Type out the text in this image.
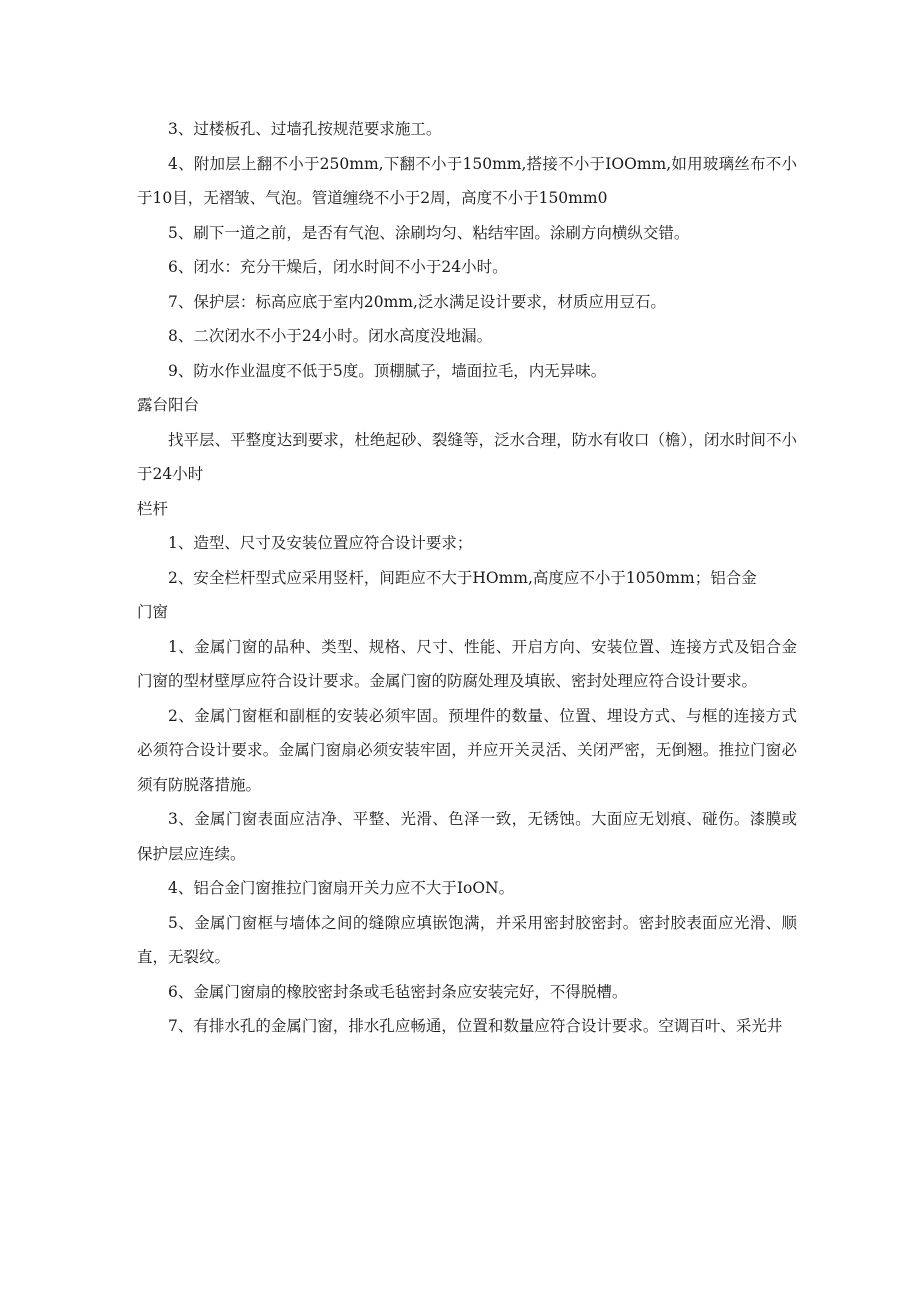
3、过楼板孔、过墙孔按规范要求施工。

4、附加层上翻不小于250mm,下翻不小于150mm,搭接不小于IOOmm,如用玻璃丝布不小于10目，无褶皱、气泡。管道缠绕不小于2周，高度不小于150mm0

5、刷下一道之前，是否有气泡、涂刷均匀、粘结牢固。涂刷方向横纵交错。

6、闭水：充分干燥后，闭水时间不小于24小时。

7、保护层：标高应底于室内20mm,泛水满足设计要求，材质应用豆石。

8、二次闭水不小于24小时。闭水高度没地漏。

9、防水作业温度不低于5度。顶棚腻子，墙面拉毛，内无异味。

露台阳台

找平层、平整度达到要求，杜绝起砂、裂缝等，泛水合理，防水有收口（檐），闭水时间不小于24小时

栏杆

1、造型、尺寸及安装位置应符合设计要求；

2、安全栏杆型式应采用竖杆，间距应不大于HOmm,高度应不小于1050mm；铝合金

门窗

1、金属门窗的品种、类型、规格、尺寸、性能、开启方向、安装位置、连接方式及铝合金门窗的型材壁厚应符合设计要求。金属门窗的防腐处理及填嵌、密封处理应符合设计要求。

2、金属门窗框和副框的安装必须牢固。预埋件的数量、位置、埋设方式、与框的连接方式必须符合设计要求。金属门窗扇必须安装牢固，并应开关灵活、关闭严密，无倒翘。推拉门窗必须有防脱落措施。

3、金属门窗表面应洁净、平整、光滑、色泽一致，无锈蚀。大面应无划痕、碰伤。漆膜或保护层应连续。

4、铝合金门窗推拉门窗扇开关力应不大于IoON。

5、金属门窗框与墙体之间的缝隙应填嵌饱满，并采用密封胶密封。密封胶表面应光滑、顺直，无裂纹。

6、金属门窗扇的橡胶密封条或毛毡密封条应安装完好，不得脱槽。

7、有排水孔的金属门窗，排水孔应畅通，位置和数量应符合设计要求。空调百叶、采光井
